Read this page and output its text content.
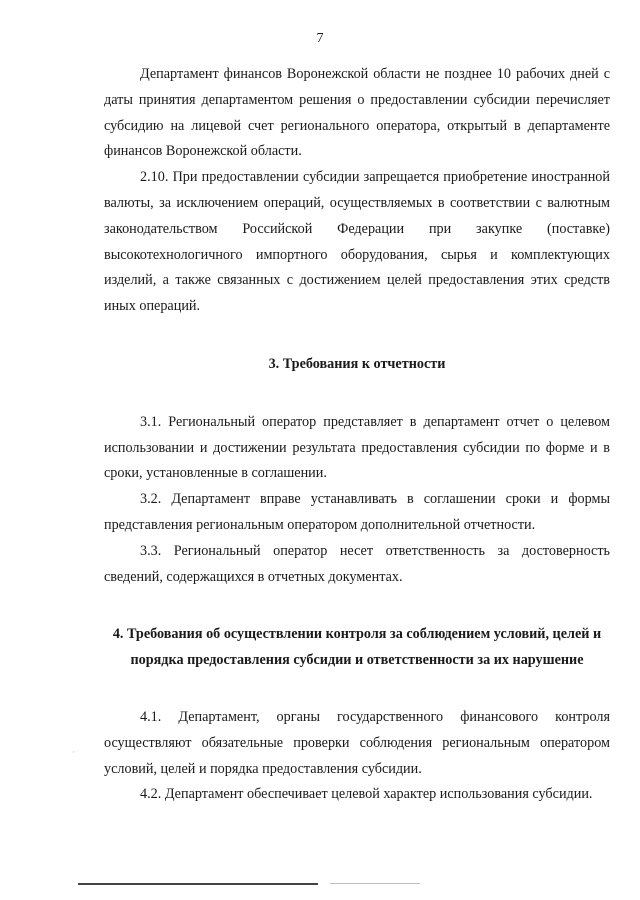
7

Департамент финансов Воронежской области не позднее 10 рабочих дней с даты принятия департаментом решения о предоставлении субсидии перечисляет субсидию на лицевой счет регионального оператора, открытый в департаменте финансов Воронежской области.

2.10. При предоставлении субсидии запрещается приобретение иностранной валюты, за исключением операций, осуществляемых в соответствии с валютным законодательством Российской Федерации при закупке (поставке) высокотехнологичного импортного оборудования, сырья и комплектующих изделий, а также связанных с достижением целей предоставления этих средств иных операций.

3. Требования к отчетности

3.1. Региональный оператор представляет в департамент отчет о целевом использовании и достижении результата предоставления субсидии по форме и в сроки, установленные в соглашении.

3.2. Департамент вправе устанавливать в соглашении сроки и формы представления региональным оператором дополнительной отчетности.

3.3. Региональный оператор несет ответственность за достоверность сведений, содержащихся в отчетных документах.

4. Требования об осуществлении контроля за соблюдением условий, целей и порядка предоставления субсидии и ответственности за их нарушение

4.1. Департамент, органы государственного финансового контроля осуществляют обязательные проверки соблюдения региональным оператором условий, целей и порядка предоставления субсидии.

4.2. Департамент обеспечивает целевой характер использования субсидии.

·
